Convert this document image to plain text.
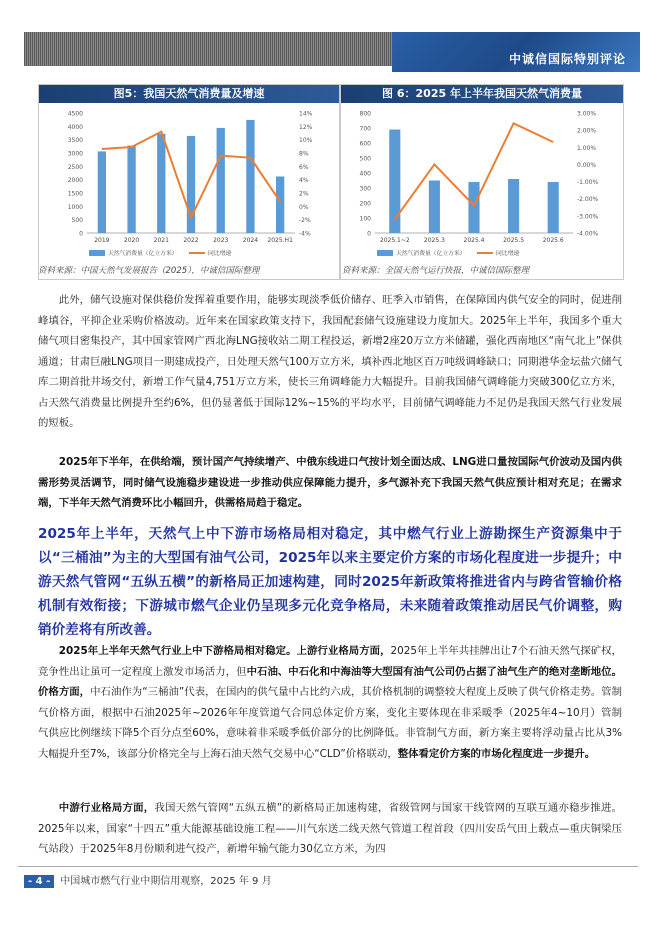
中诚信国际特别评论
图5：我国天然气消费量及增速
0
500
1000
1500
2000
2500
3000
3500
4000
4500
-4%
-2%
0%
2%
4%
6%
8%
10%
12%
14%
2019 2020 2021 2022 2023 2024 2025.H1
天然气消费量（亿立方米）	同比增速
资料来源：中国天然气发展报告（2025），中诚信国际整理
图 6：2025 年上半年我国天然气消费量
0
100
200
300
400
500
600
700
800
-4.00%
-3.00%
-2.00%
-1.00%
0.00%
1.00%
2.00%
3.00%
2025.1~2 2025.3	2025.4	2025.5	2025.6
天然气消费量（亿立方米）	同比增速
资料来源：全国天然气运行快报，中诚信国际整理

此外，储气设施对保供稳价发挥着重要作用，能够实现淡季低价储存、旺季入市销售，在保障国内供气安全的同时，促进削峰填谷，平抑企业采购价格波动。近年来在国家政策支持下，我国配套储气设施建设力度加大。2025年上半年，我国多个重大储气项目密集投产，其中国家管网广西北海LNG接收站二期工程投运，新增2座20万立方米储罐，强化西南地区“南气北上”保供通道；甘肃巨融LNG项目一期建成投产，日处理天然气100万立方米，填补西北地区百万吨级调峰缺口；同期港华金坛盐穴储气库二期首批井场交付，新增工作气量4,751万立方米，使长三角调峰能力大幅提升。目前我国储气调峰能力突破300亿立方米，占天然气消费量比例提升至约6%，但仍显著低于国际12%~15%的平均水平，目前储气调峰能力不足仍是我国天然气行业发展的短板。

2025年下半年，在供给端，预计国产气持续增产、中俄东线进口气按计划全面达成、LNG进口量按国际气价波动及国内供需形势灵活调节，同时储气设施稳步建设进一步推动供应保障能力提升，多气源补充下我国天然气供应预计相对充足；在需求端，下半年天然气消费环比小幅回升，供需格局趋于稳定。

2025年上半年，天然气上中下游市场格局相对稳定，其中燃气行业上游勘探生产资源集中于以“三桶油”为主的大型国有油气公司，2025年以来主要定价方案的市场化程度进一步提升；中游天然气管网“五纵五横”的新格局正加速构建，同时2025年新政策将推进省内与跨省管输价格机制有效衔接；下游城市燃气企业仍呈现多元化竞争格局，未来随着政策推动居民气价调整，购销价差将有所改善。

2025年上半年天然气行业上中下游格局相对稳定。上游行业格局方面，2025年上半年共挂牌出让7个石油天然气探矿权，竞争性出让虽可一定程度上激发市场活力，但中石油、中石化和中海油等大型国有油气公司仍占据了油气生产的绝对垄断地位。价格方面，中石油作为“三桶油”代表，在国内的供气量中占比约六成，其价格机制的调整较大程度上反映了供气价格走势。管制气价格方面，根据中石油2025年~2026年年度管道气合同总体定价方案，变化主要体现在非采暖季（2025年4~10月）管制气供应比例继续下降5个百分点至60%，意味着非采暖季低价部分的比例降低。非管制气方面，新方案主要将浮动量占比从3%大幅提升至7%，该部分价格完全与上海石油天然气交易中心“CLD”价格联动，整体看定价方案的市场化程度进一步提升。

中游行业格局方面，我国天然气管网“五纵五横”的新格局正加速构建，省级管网与国家干线管网的互联互通亦稳步推进。2025年以来，国家“十四五”重大能源基础设施工程——川气东送二线天然气管道工程首段（四川安岳气田上载点—重庆铜梁压气站段）于2025年8月份顺利进气投产，新增年输气能力30亿立方米，为四

- 4 - 中国城市燃气行业中期信用观察，2025 年 9 月
